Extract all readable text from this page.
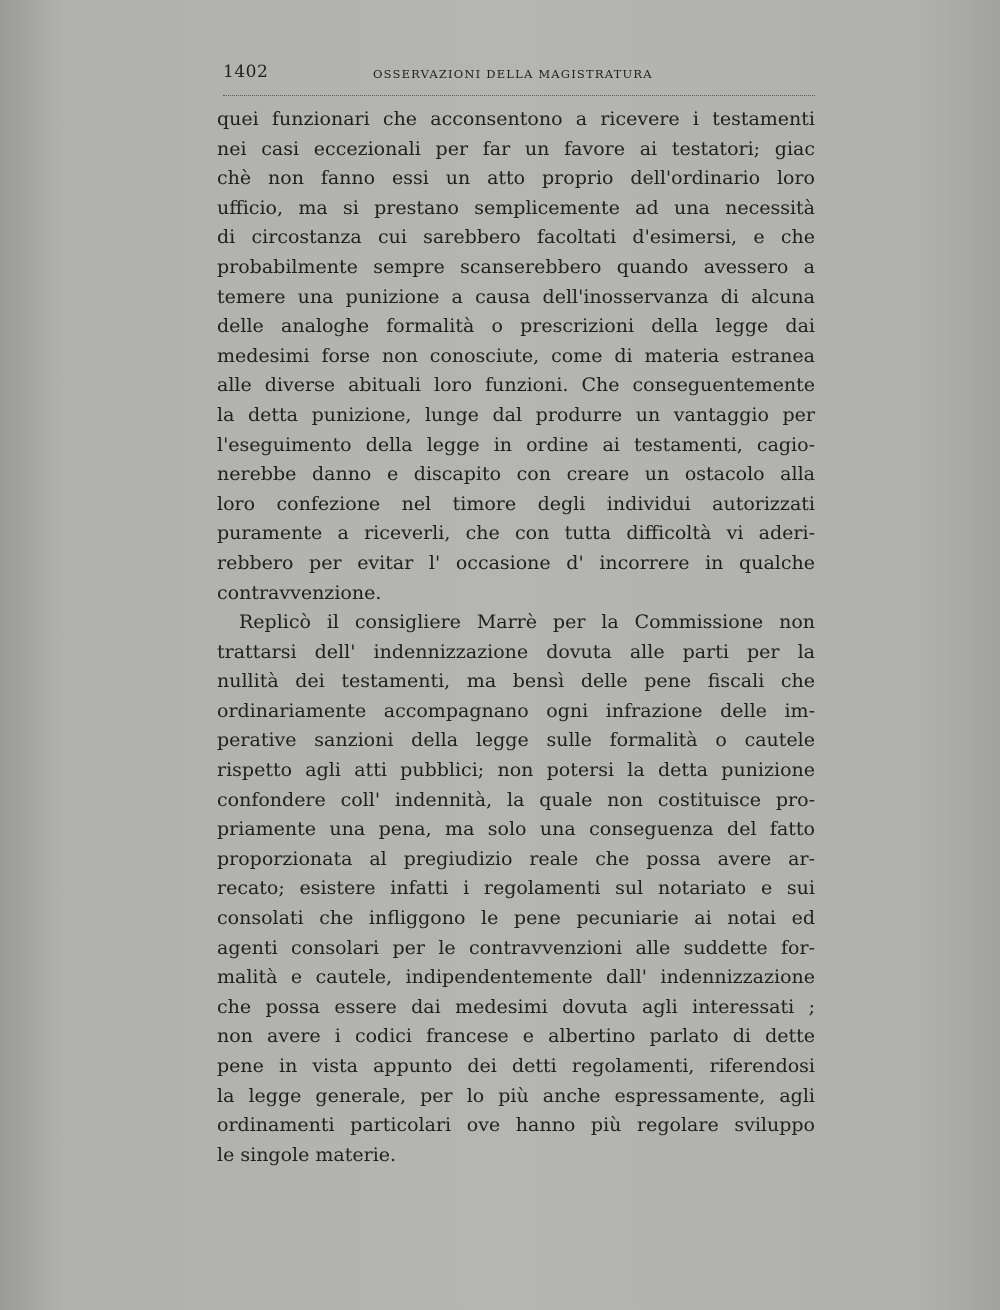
1402	OSSERVAZIONI DELLA MAGISTRATURA
quei funzionari che acconsentono a ricevere i testamenti
nei casi eccezionali per far un favore ai testatori; giac
chè non fanno essi un atto proprio dell'ordinario loro
ufficio, ma si prestano semplicemente ad una necessità
di circostanza cui sarebbero facoltati d'esimersi, e che
probabilmente sempre scanserebbero quando avessero a
temere una punizione a causa dell'inosservanza di alcuna
delle analoghe formalità o prescrizioni della legge dai
medesimi forse non conosciute, come di materia estranea
alle diverse abituali loro funzioni. Che conseguentemente
la detta punizione, lunge dal produrre un vantaggio per
l'eseguimento della legge in ordine ai testamenti, cagio-
nerebbe danno e discapito con creare un ostacolo alla
loro confezione nel timore degli individui autorizzati
puramente a riceverli, che con tutta difficoltà vi aderi-
rebbero per evitar l' occasione d' incorrere in qualche
contravvenzione.
Replicò il consigliere Marrè per la Commissione non
trattarsi dell' indennizzazione dovuta alle parti per la
nullità dei testamenti, ma bensì delle pene fiscali che
ordinariamente accompagnano ogni infrazione delle im-
perative sanzioni della legge sulle formalità o cautele
rispetto agli atti pubblici; non potersi la detta punizione
confondere coll' indennità, la quale non costituisce pro-
priamente una pena, ma solo una conseguenza del fatto
proporzionata al pregiudizio reale che possa avere ar-
recato; esistere infatti i regolamenti sul notariato e sui
consolati che infliggono le pene pecuniarie ai notai ed
agenti consolari per le contravvenzioni alle suddette for-
malità e cautele, indipendentemente dall' indennizzazione
che possa essere dai medesimi dovuta agli interessati ;
non avere i codici francese e albertino parlato di dette
pene in vista appunto dei detti regolamenti, riferendosi
la legge generale, per lo più anche espressamente, agli
ordinamenti particolari ove hanno più regolare sviluppo
le singole materie.
